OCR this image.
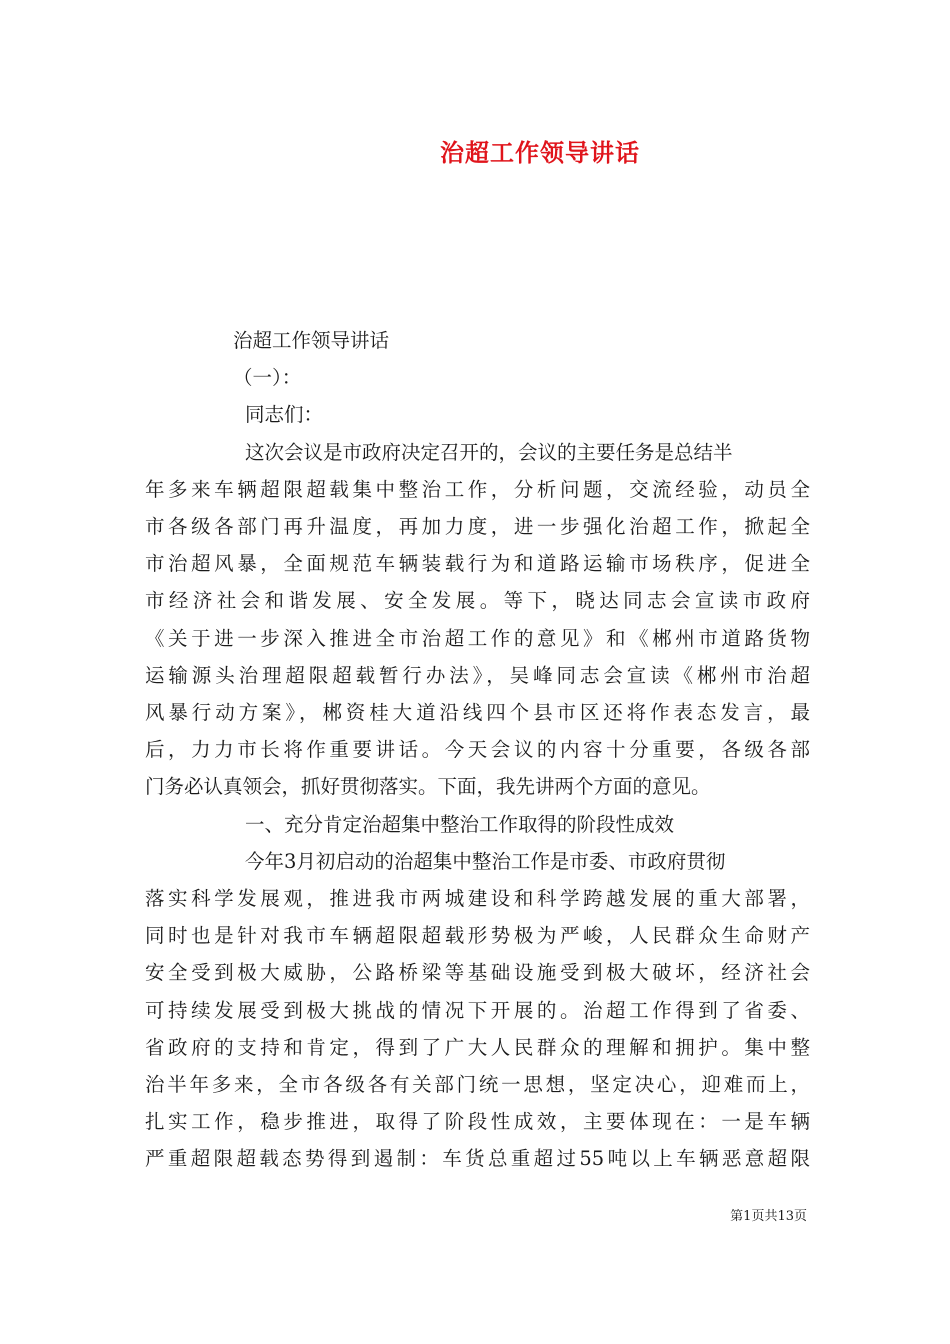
治超工作领导讲话
治超工作领导讲话
（一）：
同志们：
这次会议是市政府决定召开的，会议的主要任务是总结半
年多来车辆超限超载集中整治工作，分析问题，交流经验，动员全
市各级各部门再升温度，再加力度，进一步强化治超工作，掀起全
市治超风暴，全面规范车辆装载行为和道路运输市场秩序，促进全
市经济社会和谐发展、安全发展。等下，晓达同志会宣读市政府
《关于进一步深入推进全市治超工作的意见》和《郴州市道路货物
运输源头治理超限超载暂行办法》，吴峰同志会宣读《郴州市治超
风暴行动方案》，郴资桂大道沿线四个县市区还将作表态发言，最
后，力力市长将作重要讲话。今天会议的内容十分重要，各级各部
门务必认真领会，抓好贯彻落实。下面，我先讲两个方面的意见。
一、充分肯定治超集中整治工作取得的阶段性成效
今年3月初启动的治超集中整治工作是市委、市政府贯彻
落实科学发展观，推进我市两城建设和科学跨越发展的重大部署，
同时也是针对我市车辆超限超载形势极为严峻，人民群众生命财产
安全受到极大威胁，公路桥梁等基础设施受到极大破坏，经济社会
可持续发展受到极大挑战的情况下开展的。治超工作得到了省委、
省政府的支持和肯定，得到了广大人民群众的理解和拥护。集中整
治半年多来，全市各级各有关部门统一思想，坚定决心，迎难而上，
扎实工作，稳步推进，取得了阶段性成效，主要体现在：一是车辆
严重超限超载态势得到遏制：车货总重超过55吨以上车辆恶意超限
第1页共13页
